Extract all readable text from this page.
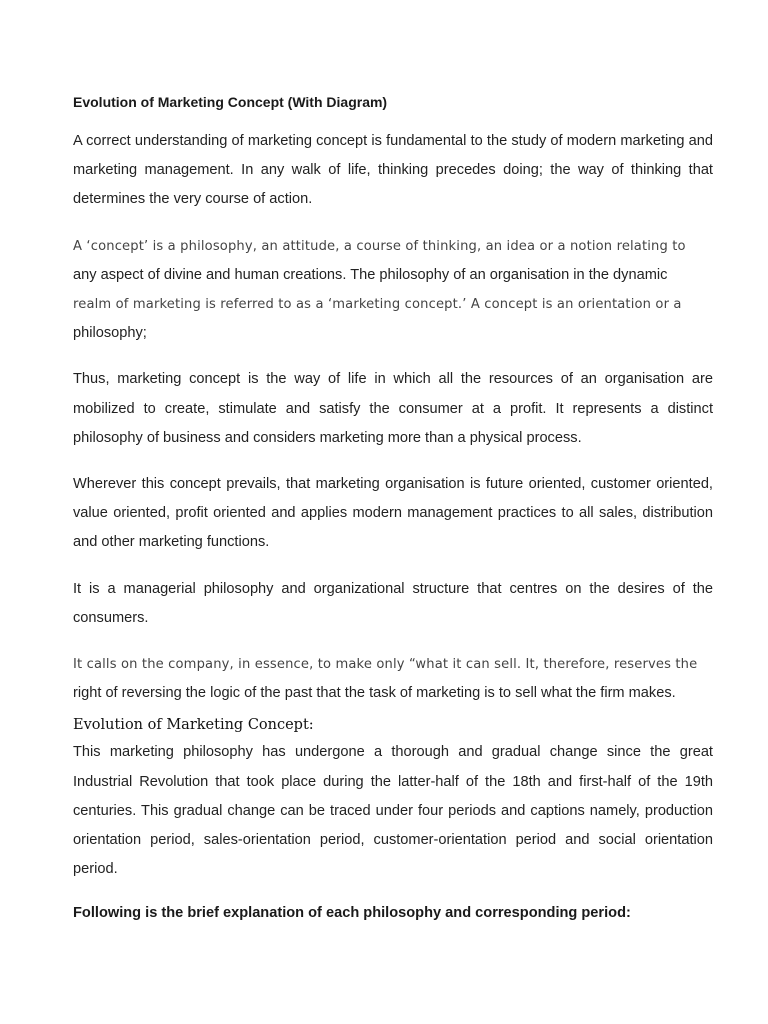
Evolution of Marketing Concept (With Diagram)

A correct understanding of marketing concept is fundamental to the study of modern marketing and marketing management. In any walk of life, thinking precedes doing; the way of thinking that determines the very course of action.

A ‘concept’ is a philosophy, an attitude, a course of thinking, an idea or a notion relating to

any aspect of divine and human creations. The philosophy of an organisation in the dynamic

realm of marketing is referred to as a ‘marketing concept.’ A concept is an orientation or a

philosophy;

Thus, marketing concept is the way of life in which all the resources of an organisation are mobilized to create, stimulate and satisfy the consumer at a profit. It represents a distinct philosophy of business and considers marketing more than a physical process.

Wherever this concept prevails, that marketing organisation is future oriented, customer oriented, value oriented, profit oriented and applies modern management practices to all sales, distribution and other marketing functions.

It is a managerial philosophy and organizational structure that centres on the desires of the consumers.

It calls on the company, in essence, to make only “what it can sell. It, therefore, reserves the

right of reversing the logic of the past that the task of marketing is to sell what the firm makes.

Evolution of Marketing Concept:

This marketing philosophy has undergone a thorough and gradual change since the great Industrial Revolution that took place during the latter-half of the 18th and first-half of the 19th centuries. This gradual change can be traced under four periods and captions namely, production orientation period, sales-orientation period, customer-orientation period and social orientation period.

Following is the brief explanation of each philosophy and corresponding period:
